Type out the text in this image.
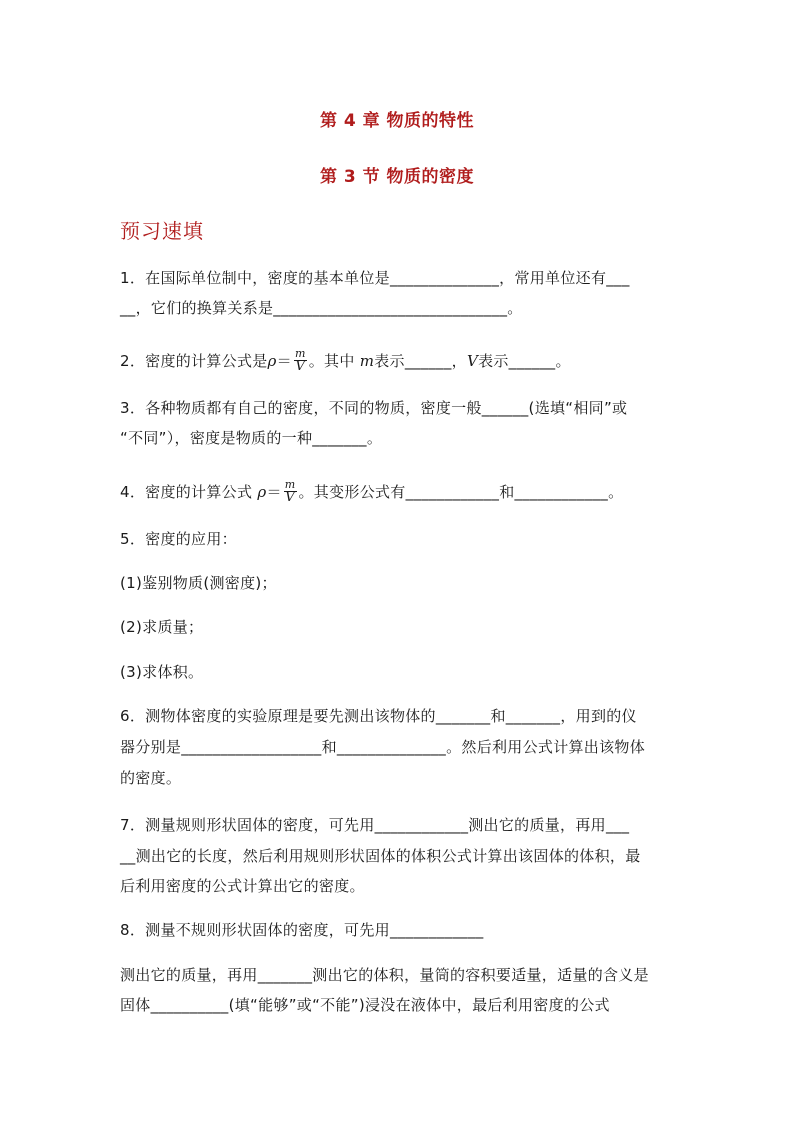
第 4 章 物质的特性
第 3 节 物质的密度
预习速填
1．在国际单位制中，密度的基本单位是______________，常用单位还有___
__，它们的换算关系是______________________________。
2．密度的计算公式是$\rho= \frac{m}{V}$ 。其中 m表示______，V表示______。
3．各种物质都有自己的密度，不同的物质，密度一般______(选填“相同”或
“不同”），密度是物质的一种_______。
4．密度的计算公式 $\rho= \frac{m}{V}$ 。其变形公式有____________和____________。
5．密度的应用：
(1)鉴别物质(测密度)；
(2)求质量；
(3)求体积。
6．测物体密度的实验原理是要先测出该物体的_______和_______，用到的仪
器分别是__________________和______________。然后利用公式计算出该物体
的密度。
7．测量规则形状固体的密度，可先用____________测出它的质量，再用___
__测出它的长度，然后利用规则形状固体的体积公式计算出该固体的体积，最
后利用密度的公式计算出它的密度。
8．测量不规则形状固体的密度，可先用____________
测出它的质量，再用_______测出它的体积，量筒的容积要适量，适量的含义是
固体__________(填“能够”或“不能”)浸没在液体中，最后利用密度的公式
